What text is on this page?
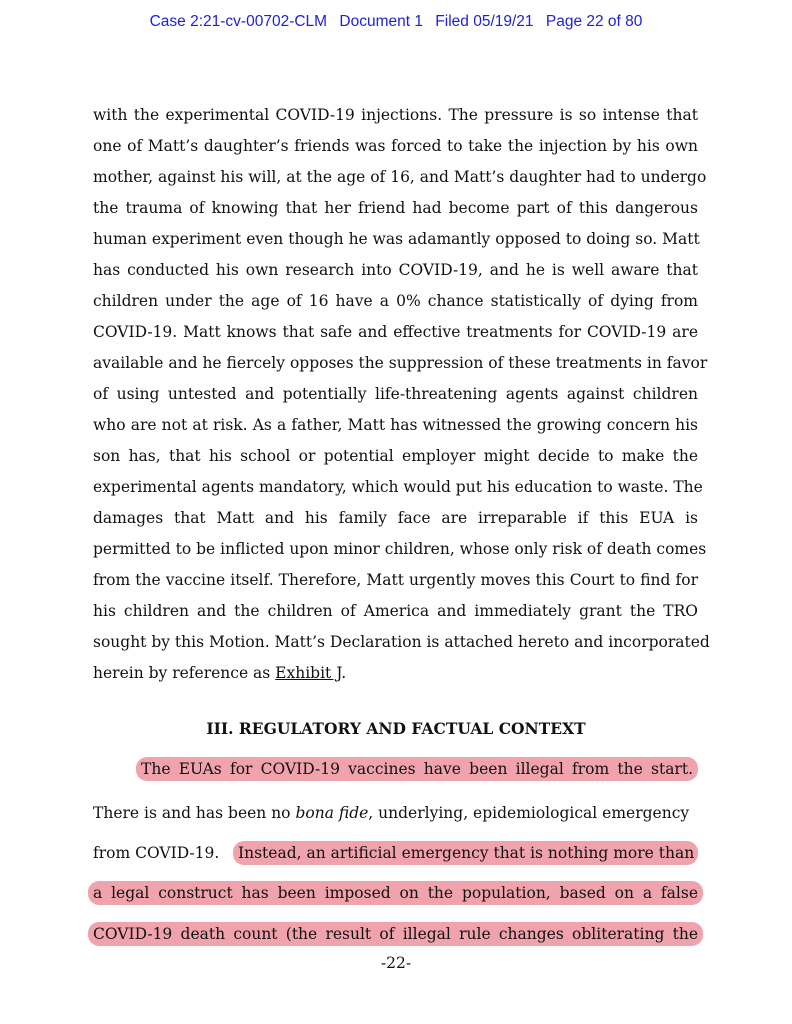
Case 2:21-cv-00702-CLM Document 1 Filed 05/19/21 Page 22 of 80
with the experimental COVID-19 injections. The pressure is so intense that
one of Matt’s daughter’s friends was forced to take the injection by his own
mother, against his will, at the age of 16, and Matt’s daughter had to undergo
the trauma of knowing that her friend had become part of this dangerous
human experiment even though he was adamantly opposed to doing so. Matt
has conducted his own research into COVID-19, and he is well aware that
children under the age of 16 have a 0% chance statistically of dying from
COVID-19. Matt knows that safe and effective treatments for COVID-19 are
available and he fiercely opposes the suppression of these treatments in favor
of using untested and potentially life-threatening agents against children
who are not at risk. As a father, Matt has witnessed the growing concern his
son has, that his school or potential employer might decide to make the
experimental agents mandatory, which would put his education to waste. The
damages that Matt and his family face are irreparable if this EUA is
permitted to be inflicted upon minor children, whose only risk of death comes
from the vaccine itself. Therefore, Matt urgently moves this Court to find for
his children and the children of America and immediately grant the TRO
sought by this Motion. Matt’s Declaration is attached hereto and incorporated
herein by reference as Exhibit J.
III. REGULATORY AND FACTUAL CONTEXT
The EUAs for COVID-19 vaccines have been illegal from the start.
There is and has been no bona fide, underlying, epidemiological emergency
from COVID-19.	Instead, an artificial emergency that is nothing more than
a legal construct has been imposed on the population, based on a false
COVID-19 death count (the result of illegal rule changes obliterating the
-22-
